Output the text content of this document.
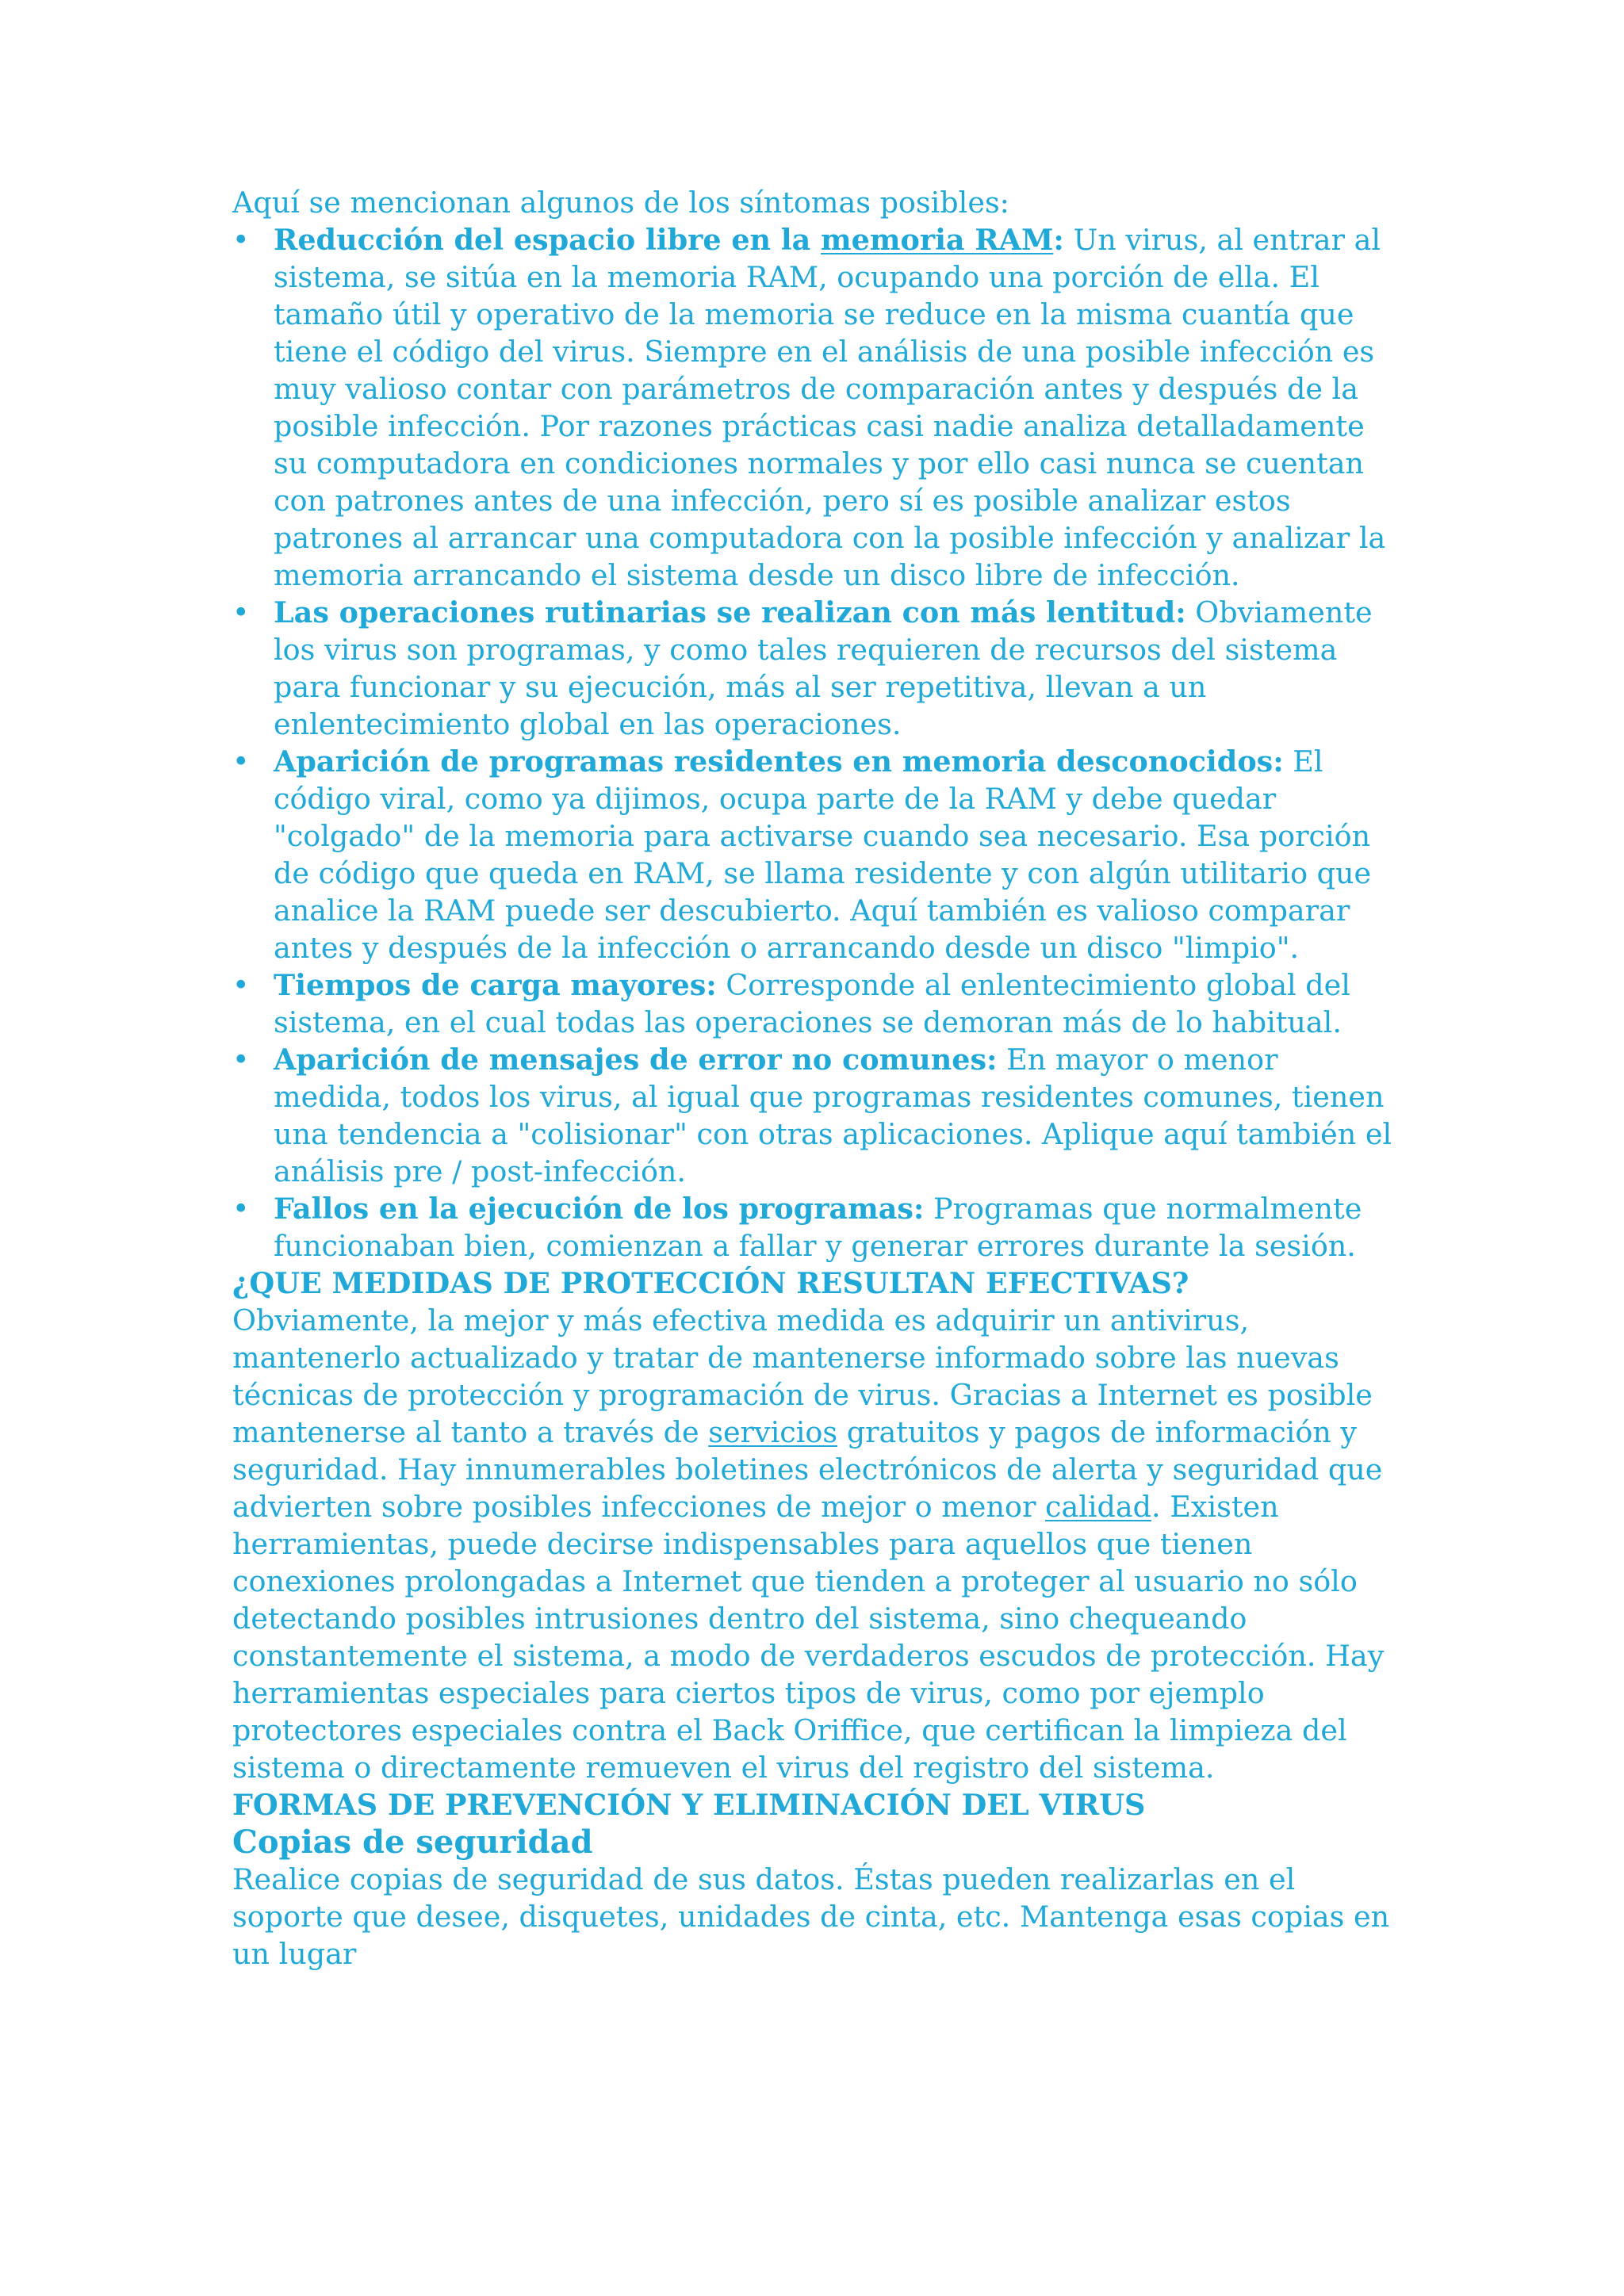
Aquí se mencionan algunos de los síntomas posibles:

• Reducción del espacio libre en la memoria RAM: Un virus, al entrar al sistema, se sitúa en la memoria RAM, ocupando una porción de ella. El tamaño útil y operativo de la memoria se reduce en la misma cuantía que tiene el código del virus. Siempre en el análisis de una posible infección es muy valioso contar con parámetros de comparación antes y después de la posible infección. Por razones prácticas casi nadie analiza detalladamente su computadora en condiciones normales y por ello casi nunca se cuentan con patrones antes de una infección, pero sí es posible analizar estos patrones al arrancar una computadora con la posible infección y analizar la memoria arrancando el sistema desde un disco libre de infección.
• Las operaciones rutinarias se realizan con más lentitud: Obviamente los virus son programas, y como tales requieren de recursos del sistema para funcionar y su ejecución, más al ser repetitiva, llevan a un enlentecimiento global en las operaciones.
• Aparición de programas residentes en memoria desconocidos: El código viral, como ya dijimos, ocupa parte de la RAM y debe quedar "colgado" de la memoria para activarse cuando sea necesario. Esa porción de código que queda en RAM, se llama residente y con algún utilitario que analice la RAM puede ser descubierto. Aquí también es valioso comparar antes y después de la infección o arrancando desde un disco "limpio".
• Tiempos de carga mayores: Corresponde al enlentecimiento global del sistema, en el cual todas las operaciones se demoran más de lo habitual.
• Aparición de mensajes de error no comunes: En mayor o menor medida, todos los virus, al igual que programas residentes comunes, tienen una tendencia a "colisionar" con otras aplicaciones. Aplique aquí también el análisis pre / post-infección.
• Fallos en la ejecución de los programas: Programas que normalmente funcionaban bien, comienzan a fallar y generar errores durante la sesión.

¿QUE MEDIDAS DE PROTECCIÓN RESULTAN EFECTIVAS?

Obviamente, la mejor y más efectiva medida es adquirir un antivirus, mantenerlo actualizado y tratar de mantenerse informado sobre las nuevas técnicas de protección y programación de virus. Gracias a Internet es posible mantenerse al tanto a través de servicios gratuitos y pagos de información y seguridad. Hay innumerables boletines electrónicos de alerta y seguridad que advierten sobre posibles infecciones de mejor o menor calidad. Existen herramientas, puede decirse indispensables para aquellos que tienen conexiones prolongadas a Internet que tienden a proteger al usuario no sólo detectando posibles intrusiones dentro del sistema, sino chequeando constantemente el sistema, a modo de verdaderos escudos de protección. Hay herramientas especiales para ciertos tipos de virus, como por ejemplo protectores especiales contra el Back Oriffice, que certifican la limpieza del sistema o directamente remueven el virus del registro del sistema.

FORMAS DE PREVENCIÓN Y ELIMINACIÓN DEL VIRUS

Copias de seguridad

Realice copias de seguridad de sus datos. Éstas pueden realizarlas en el soporte que desee, disquetes, unidades de cinta, etc. Mantenga esas copias en un lugar
